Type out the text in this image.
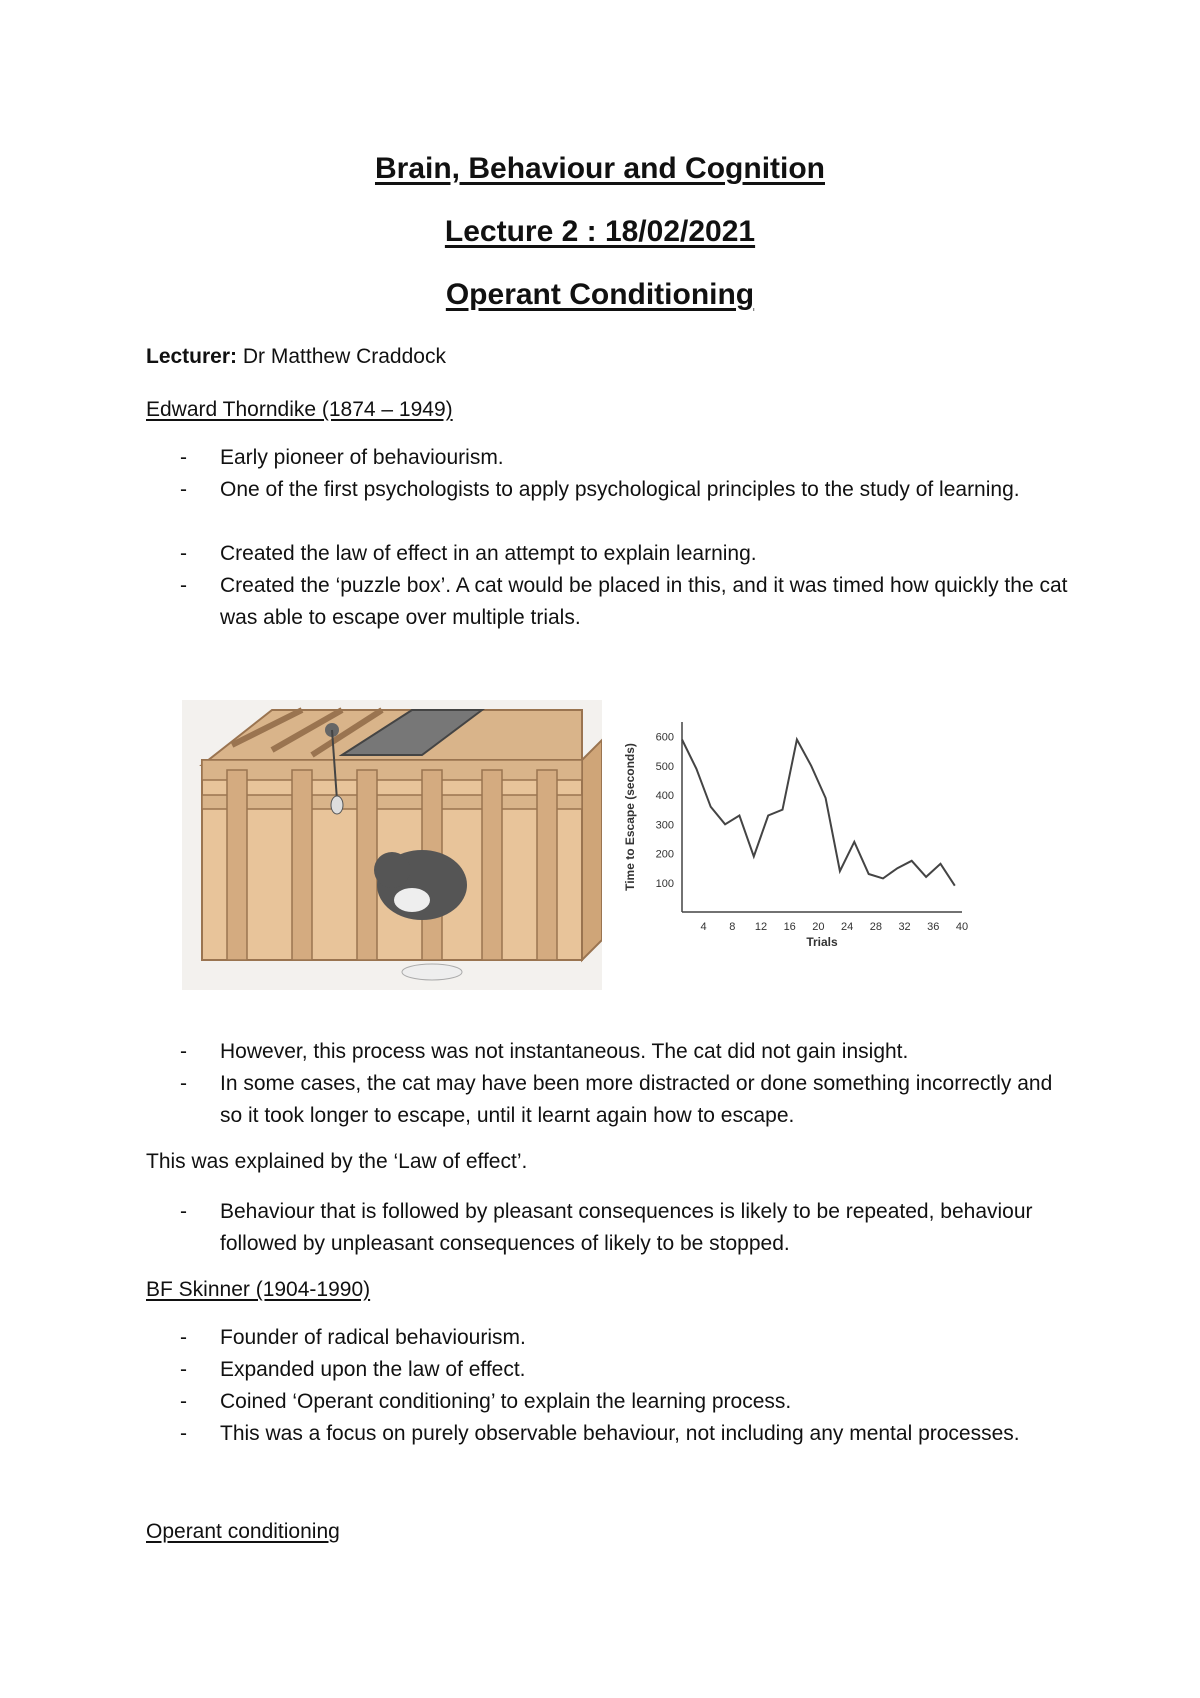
Brain, Behaviour and Cognition
Lecture 2 : 18/02/2021
Operant Conditioning
Lecturer: Dr Matthew Craddock
Edward Thorndike (1874 – 1949)
- Early pioneer of behaviourism.
- One of the first psychologists to apply psychological principles to the study of learning.
- Created the law of effect in an attempt to explain learning.
- Created the ‘puzzle box’. A cat would be placed in this, and it was timed how quickly the cat was able to escape over multiple trials.
Time to Escape (seconds)
Trials
100
200
300
400
500
600
4 8 12 16 20 24 28 32 36 40
- However, this process was not instantaneous. The cat did not gain insight.
- In some cases, the cat may have been more distracted or done something incorrectly and so it took longer to escape, until it learnt again how to escape.
This was explained by the ‘Law of effect’.
- Behaviour that is followed by pleasant consequences is likely to be repeated, behaviour followed by unpleasant consequences of likely to be stopped.
BF Skinner (1904-1990)
- Founder of radical behaviourism.
- Expanded upon the law of effect.
- Coined ‘Operant conditioning’ to explain the learning process.
- This was a focus on purely observable behaviour, not including any mental processes.
Operant conditioning
